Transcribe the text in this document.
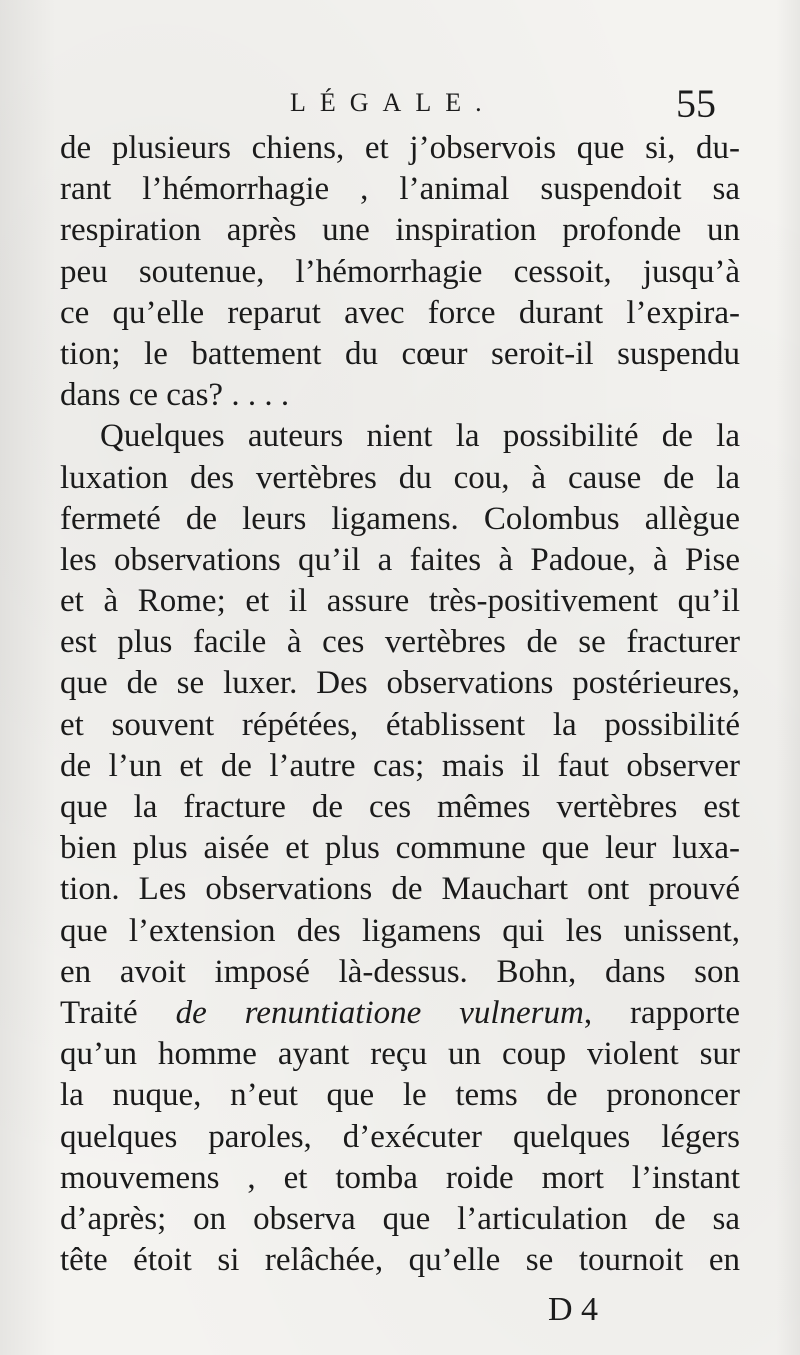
LÉGALE.	55
de plusieurs chiens, et j’observois que si, du-
rant l’hémorrhagie , l’animal suspendoit sa
respiration après une inspiration profonde un
peu soutenue, l’hémorrhagie cessoit, jusqu’à
ce qu’elle reparut avec force durant l’expira-
tion; le battement du cœur seroit-il suspendu
dans ce cas? . . . .
Quelques auteurs nient la possibilité de la
luxation des vertèbres du cou, à cause de la
fermeté de leurs ligamens. Colombus allègue
les observations qu’il a faites à Padoue, à Pise
et à Rome; et il assure très-positivement qu’il
est plus facile à ces vertèbres de se fracturer
que de se luxer. Des observations postérieures,
et souvent répétées, établissent la possibilité
de l’un et de l’autre cas; mais il faut observer
que la fracture de ces mêmes vertèbres est
bien plus aisée et plus commune que leur luxa-
tion. Les observations de Mauchart ont prouvé
que l’extension des ligamens qui les unissent,
en avoit imposé là-dessus. Bohn, dans son
Traité de renuntiatione vulnerum, rapporte
qu’un homme ayant reçu un coup violent sur
la nuque, n’eut que le tems de prononcer
quelques paroles, d’exécuter quelques légers
mouvemens , et tomba roide mort l’instant
d’après; on observa que l’articulation de sa
tête étoit si relâchée, qu’elle se tournoit en
D 4
